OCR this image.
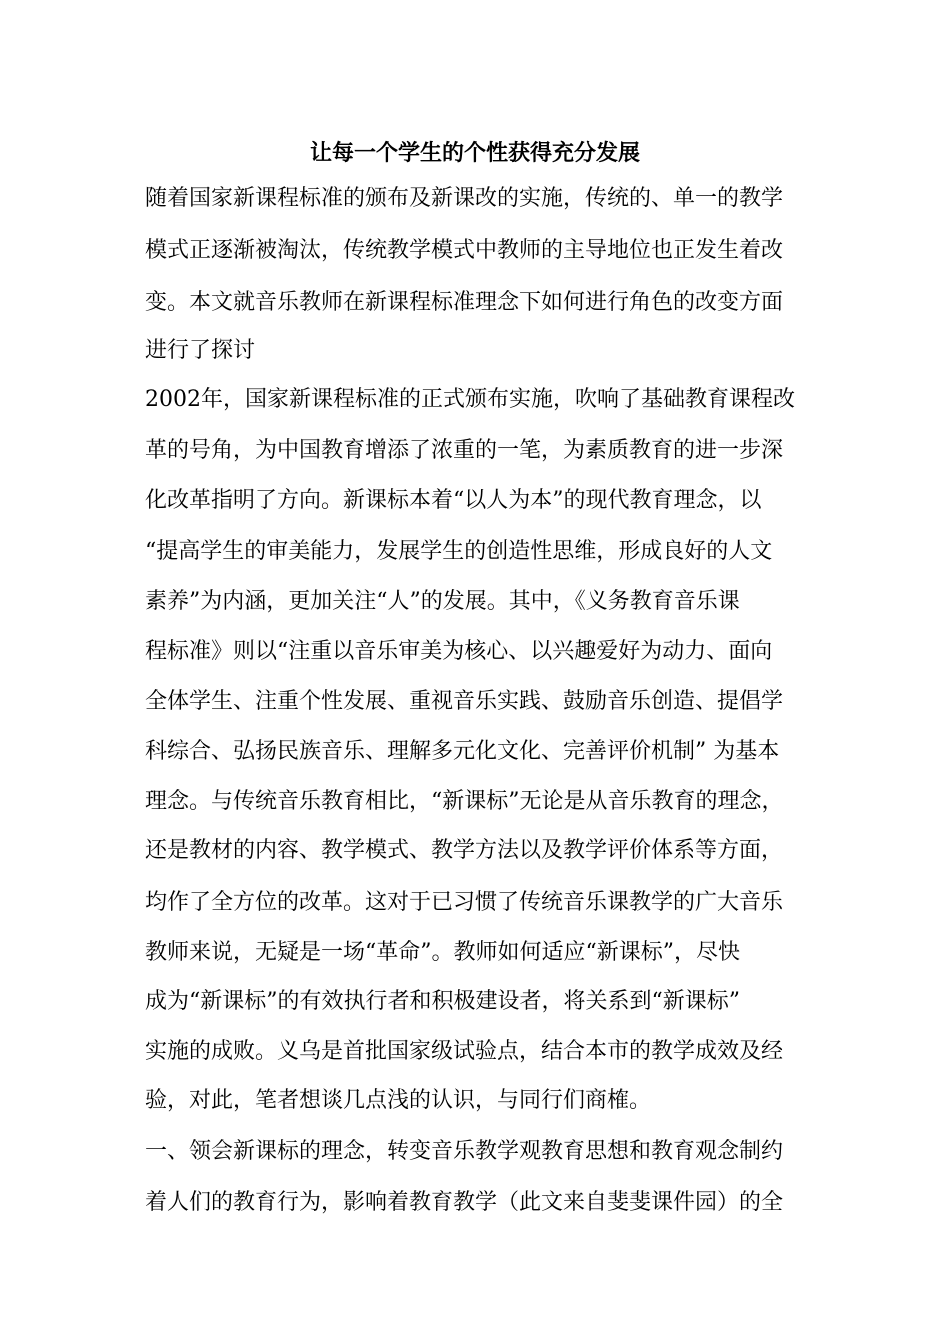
让每一个学生的个性获得充分发展
随着国家新课程标准的颁布及新课改的实施，传统的、单一的教学
模式正逐渐被淘汰，传统教学模式中教师的主导地位也正发生着改
变。本文就音乐教师在新课程标准理念下如何进行角色的改变方面
进行了探讨
2002年，国家新课程标准的正式颁布实施，吹响了基础教育课程改
革的号角，为中国教育增添了浓重的一笔，为素质教育的进一步深
化改革指明了方向。新课标本着“以人为本”的现代教育理念，以
“提高学生的审美能力，发展学生的创造性思维，形成良好的人文
素养”为内涵，更加关注“人”的发展。其中，《义务教育音乐课
程标准》则以“注重以音乐审美为核心、以兴趣爱好为动力、面向
全体学生、注重个性发展、重视音乐实践、鼓励音乐创造、提倡学
科综合、弘扬民族音乐、理解多元化文化、完善评价机制” 为基本
理念。与传统音乐教育相比，“新课标”无论是从音乐教育的理念，
还是教材的内容、教学模式、教学方法以及教学评价体系等方面，
均作了全方位的改革。这对于已习惯了传统音乐课教学的广大音乐
教师来说，无疑是一场“革命”。教师如何适应“新课标”，尽快
成为“新课标”的有效执行者和积极建设者，将关系到“新课标”
实施的成败。义乌是首批国家级试验点，结合本市的教学成效及经
验，对此，笔者想谈几点浅的认识，与同行们商榷。
一、领会新课标的理念，转变音乐教学观教育思想和教育观念制约
着人们的教育行为，影响着教育教学（此文来自斐斐课件园）的全
